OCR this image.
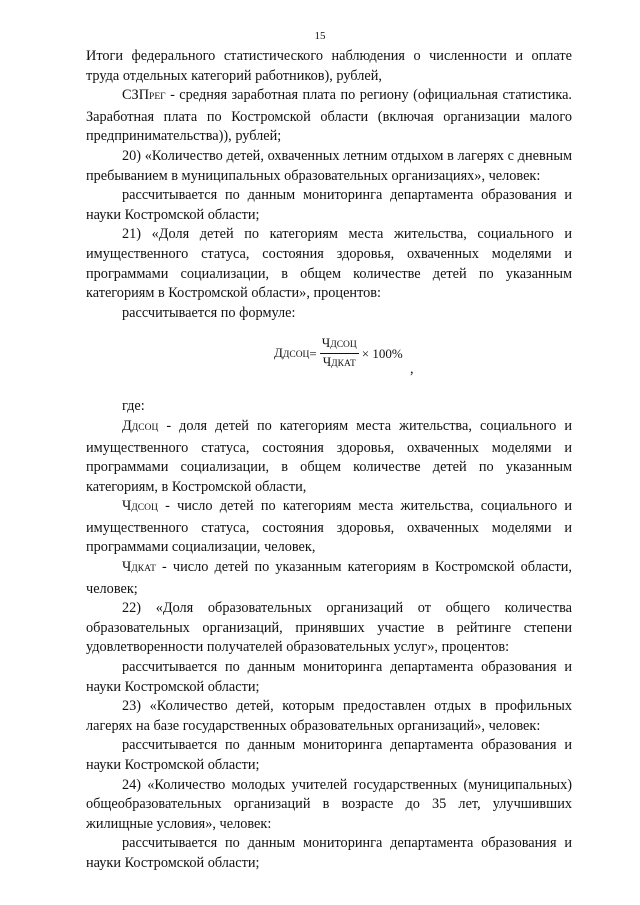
15

Итоги федерального статистического наблюдения о численности и оплате труда отдельных категорий работников), рублей,

СЗПРЕГ - средняя заработная плата по региону (официальная статистика. Заработная плата по Костромской области (включая организации малого предпринимательства)), рублей;

20) «Количество детей, охваченных летним отдыхом в лагерях с дневным пребыванием в муниципальных образовательных организациях», человек:

рассчитывается по данным мониторинга департамента образования и науки Костромской области;

21) «Доля детей по категориям места жительства, социального и имущественного статуса, состояния здоровья, охваченных моделями и программами социализации, в общем количестве детей по указанным категориям в Костромской области», процентов:

рассчитывается по формуле:

ДДСОЦ = $\frac{\text{ЧДСОЦ}}{\text{ЧДКАТ}} \times 100\%$
,

где:

ДДСОЦ - доля детей по категориям места жительства, социального и имущественного статуса, состояния здоровья, охваченных моделями и программами социализации, в общем количестве детей по указанным категориям, в Костромской области,

ЧДСОЦ - число детей по категориям места жительства, социального и имущественного статуса, состояния здоровья, охваченных моделями и программами социализации, человек,

ЧДКАТ - число детей по указанным категориям в Костромской области, человек;

22) «Доля образовательных организаций от общего количества образовательных организаций, принявших участие в рейтинге степени удовлетворенности получателей образовательных услуг», процентов:

рассчитывается по данным мониторинга департамента образования и науки Костромской области;

23) «Количество детей, которым предоставлен отдых в профильных лагерях на базе государственных образовательных организаций», человек:

рассчитывается по данным мониторинга департамента образования и науки Костромской области;

24) «Количество молодых учителей государственных (муниципальных) общеобразовательных организаций в возрасте до 35 лет, улучшивших жилищные условия», человек:

рассчитывается по данным мониторинга департамента образования и науки Костромской области;
